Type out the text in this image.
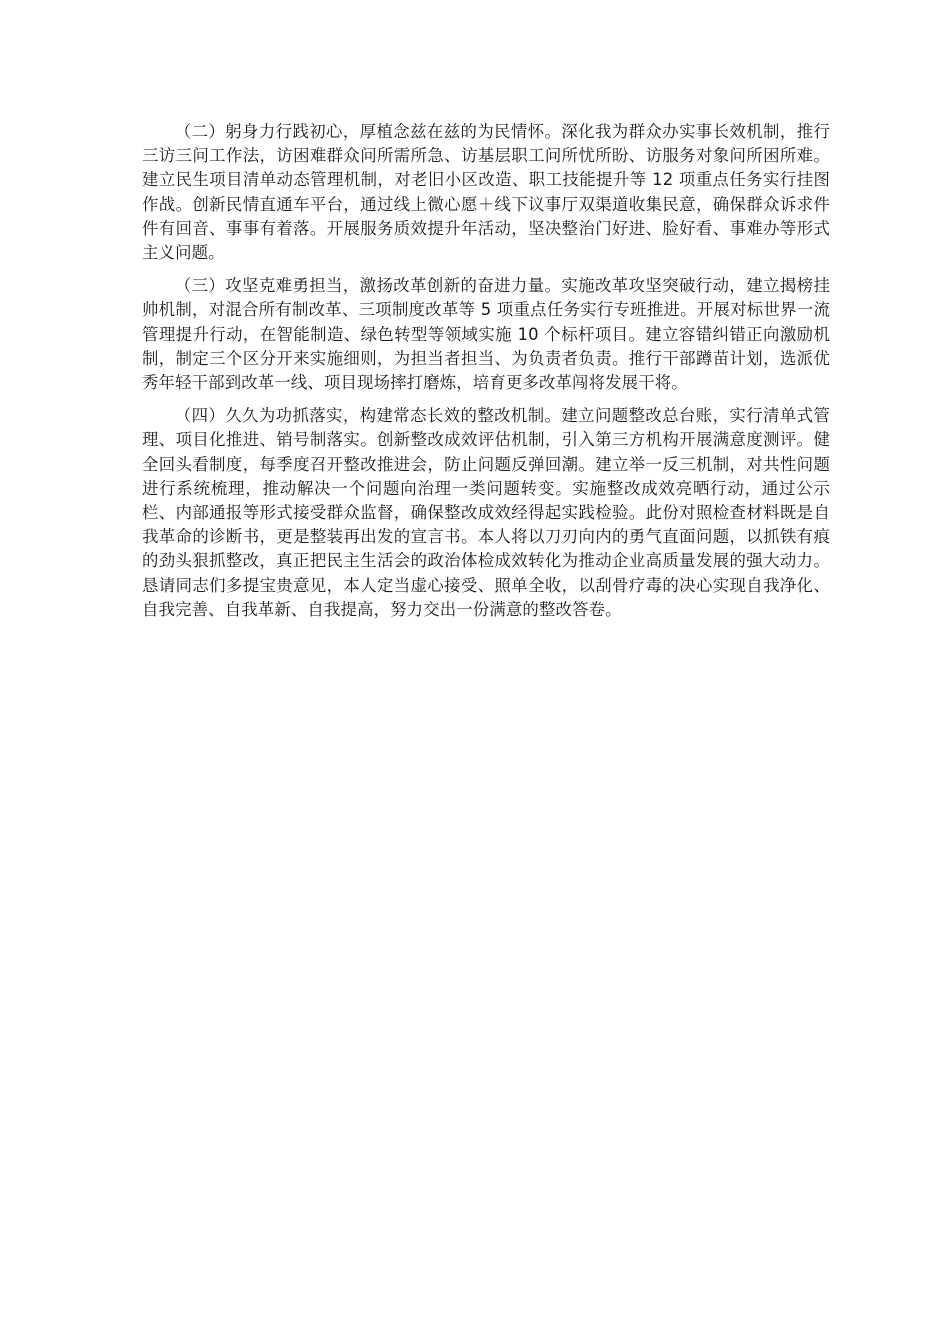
（二）躬身力行践初心，厚植念兹在兹的为民情怀。深化我为群众办实事长效机制，推行三访三问工作法，访困难群众问所需所急、访基层职工问所忧所盼、访服务对象问所困所难。建立民生项目清单动态管理机制，对老旧小区改造、职工技能提升等 12 项重点任务实行挂图作战。创新民情直通车平台，通过线上微心愿＋线下议事厅双渠道收集民意，确保群众诉求件件有回音、事事有着落。开展服务质效提升年活动，坚决整治门好进、脸好看、事难办等形式主义问题。

（三）攻坚克难勇担当，激扬改革创新的奋进力量。实施改革攻坚突破行动，建立揭榜挂帅机制，对混合所有制改革、三项制度改革等 5 项重点任务实行专班推进。开展对标世界一流管理提升行动，在智能制造、绿色转型等领域实施 10 个标杆项目。建立容错纠错正向激励机制，制定三个区分开来实施细则，为担当者担当、为负责者负责。推行干部蹲苗计划，选派优秀年轻干部到改革一线、项目现场摔打磨炼，培育更多改革闯将发展干将。

（四）久久为功抓落实，构建常态长效的整改机制。建立问题整改总台账，实行清单式管理、项目化推进、销号制落实。创新整改成效评估机制，引入第三方机构开展满意度测评。健全回头看制度，每季度召开整改推进会，防止问题反弹回潮。建立举一反三机制，对共性问题进行系统梳理，推动解决一个问题向治理一类问题转变。实施整改成效亮晒行动，通过公示栏、内部通报等形式接受群众监督，确保整改成效经得起实践检验。此份对照检查材料既是自我革命的诊断书，更是整装再出发的宣言书。本人将以刀刃向内的勇气直面问题，以抓铁有痕的劲头狠抓整改，真正把民主生活会的政治体检成效转化为推动企业高质量发展的强大动力。恳请同志们多提宝贵意见，本人定当虚心接受、照单全收，以刮骨疗毒的决心实现自我净化、自我完善、自我革新、自我提高，努力交出一份满意的整改答卷。
